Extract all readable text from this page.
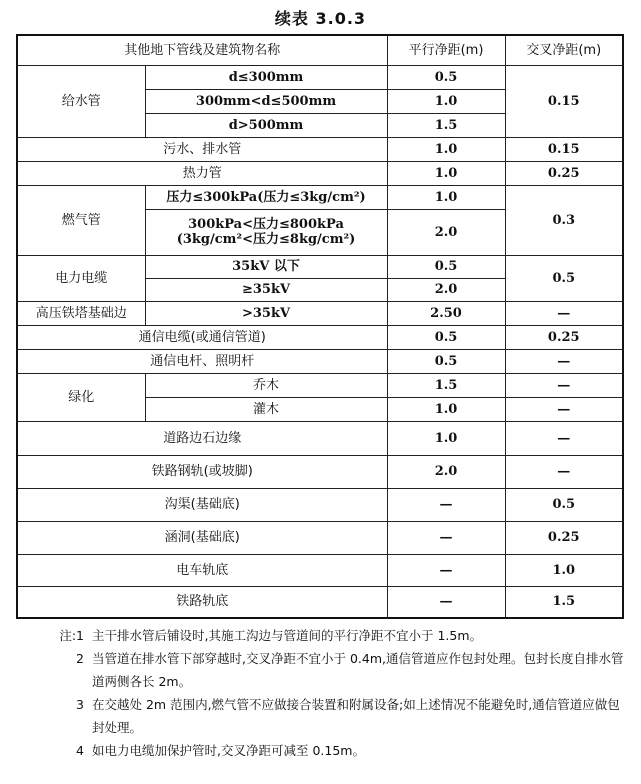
续表 3.0.3
其他地下管线及建筑物名称		平行净距(m)	交叉净距(m)
给水管	d≤300mm	0.5	0.15
	300mm<d≤500mm	1.0	
	d>500mm	1.5	
污水、排水管		1.0	0.15
热力管		1.0	0.25
燃气管	压力≤300kPa(压力≤3kg/cm²)	1.0	0.3

	300kPa<压力≤800kPa
(3kg/cm²<压力≤8kg/cm²)	2.0	
电力电缆	35kV 以下	0.5	0.5
	≥35kV	2.0	
高压铁塔基础边	>35kV	2.50	—
通信电缆(或通信管道)		0.5	0.25
通信电杆、照明杆		0.5	—
绿化	乔木	1.5	—
	灌木	1.0	—
道路边石边缘		1.0	—
铁路钢轨(或坡脚)		2.0	—
沟渠(基础底)		—	0.5
涵洞(基础底)		—	0.25
电车轨底		—	1.0
铁路轨底		—	1.5
注:1 主干排水管后铺设时,其施工沟边与管道间的平行净距不宜小于 1.5m。
2 当管道在排水管下部穿越时,交叉净距不宜小于 0.4m,通信管道应作包封处理。包封长度自排水管道两侧各长 2m。
3 在交越处 2m 范围内,燃气管不应做接合装置和附属设备;如上述情况不能避免时,通信管道应做包封处理。
4 如电力电缆加保护管时,交叉净距可减至 0.15m。
